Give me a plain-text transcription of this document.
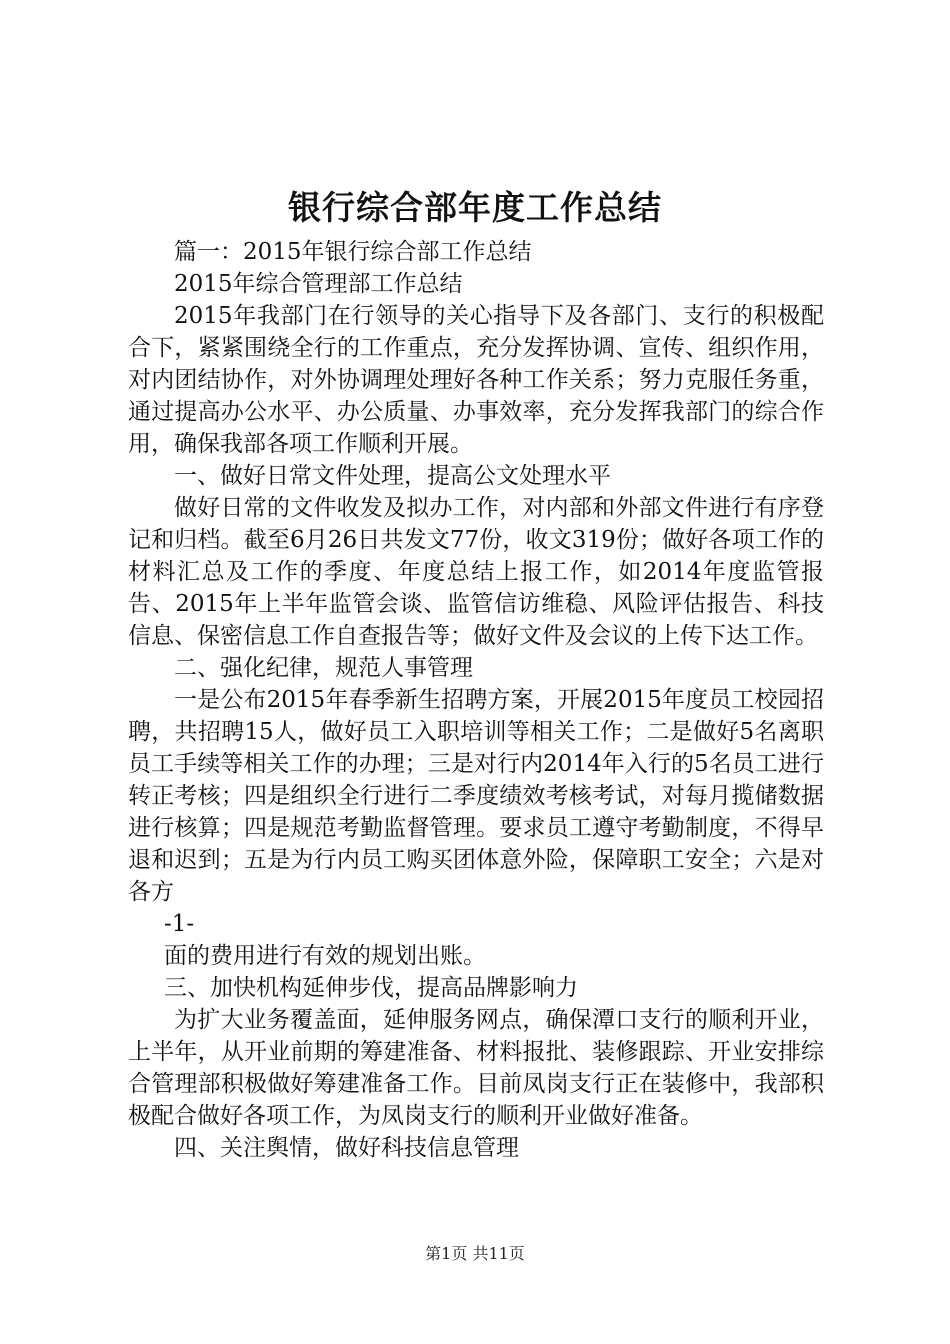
银行综合部年度工作总结

篇一：2015年银行综合部工作总结

2015年综合管理部工作总结

2015年我部门在行领导的关心指导下及各部门、支行的积极配合下，紧紧围绕全行的工作重点，充分发挥协调、宣传、组织作用，对内团结协作，对外协调理处理好各种工作关系；努力克服任务重，通过提高办公水平、办公质量、办事效率，充分发挥我部门的综合作用，确保我部各项工作顺利开展。

一、做好日常文件处理，提高公文处理水平

做好日常的文件收发及拟办工作，对内部和外部文件进行有序登记和归档。截至6月26日共发文77份，收文319份；做好各项工作的材料汇总及工作的季度、年度总结上报工作，如2014年度监管报告、2015年上半年监管会谈、监管信访维稳、风险评估报告、科技信息、保密信息工作自查报告等；做好文件及会议的上传下达工作。

二、强化纪律，规范人事管理

一是公布2015年春季新生招聘方案，开展2015年度员工校园招聘，共招聘15人，做好员工入职培训等相关工作；二是做好5名离职员工手续等相关工作的办理；三是对行内2014年入行的5名员工进行转正考核；四是组织全行进行二季度绩效考核考试，对每月揽储数据进行核算；四是规范考勤监督管理。要求员工遵守考勤制度，不得早退和迟到；五是为行内员工购买团体意外险，保障职工安全；六是对各方

-1-

面的费用进行有效的规划出账。

三、加快机构延伸步伐，提高品牌影响力

为扩大业务覆盖面，延伸服务网点，确保潭口支行的顺利开业，上半年，从开业前期的筹建准备、材料报批、装修跟踪、开业安排综合管理部积极做好筹建准备工作。目前凤岗支行正在装修中，我部积极配合做好各项工作，为凤岗支行的顺利开业做好准备。

四、关注舆情，做好科技信息管理

第1页 共11页
